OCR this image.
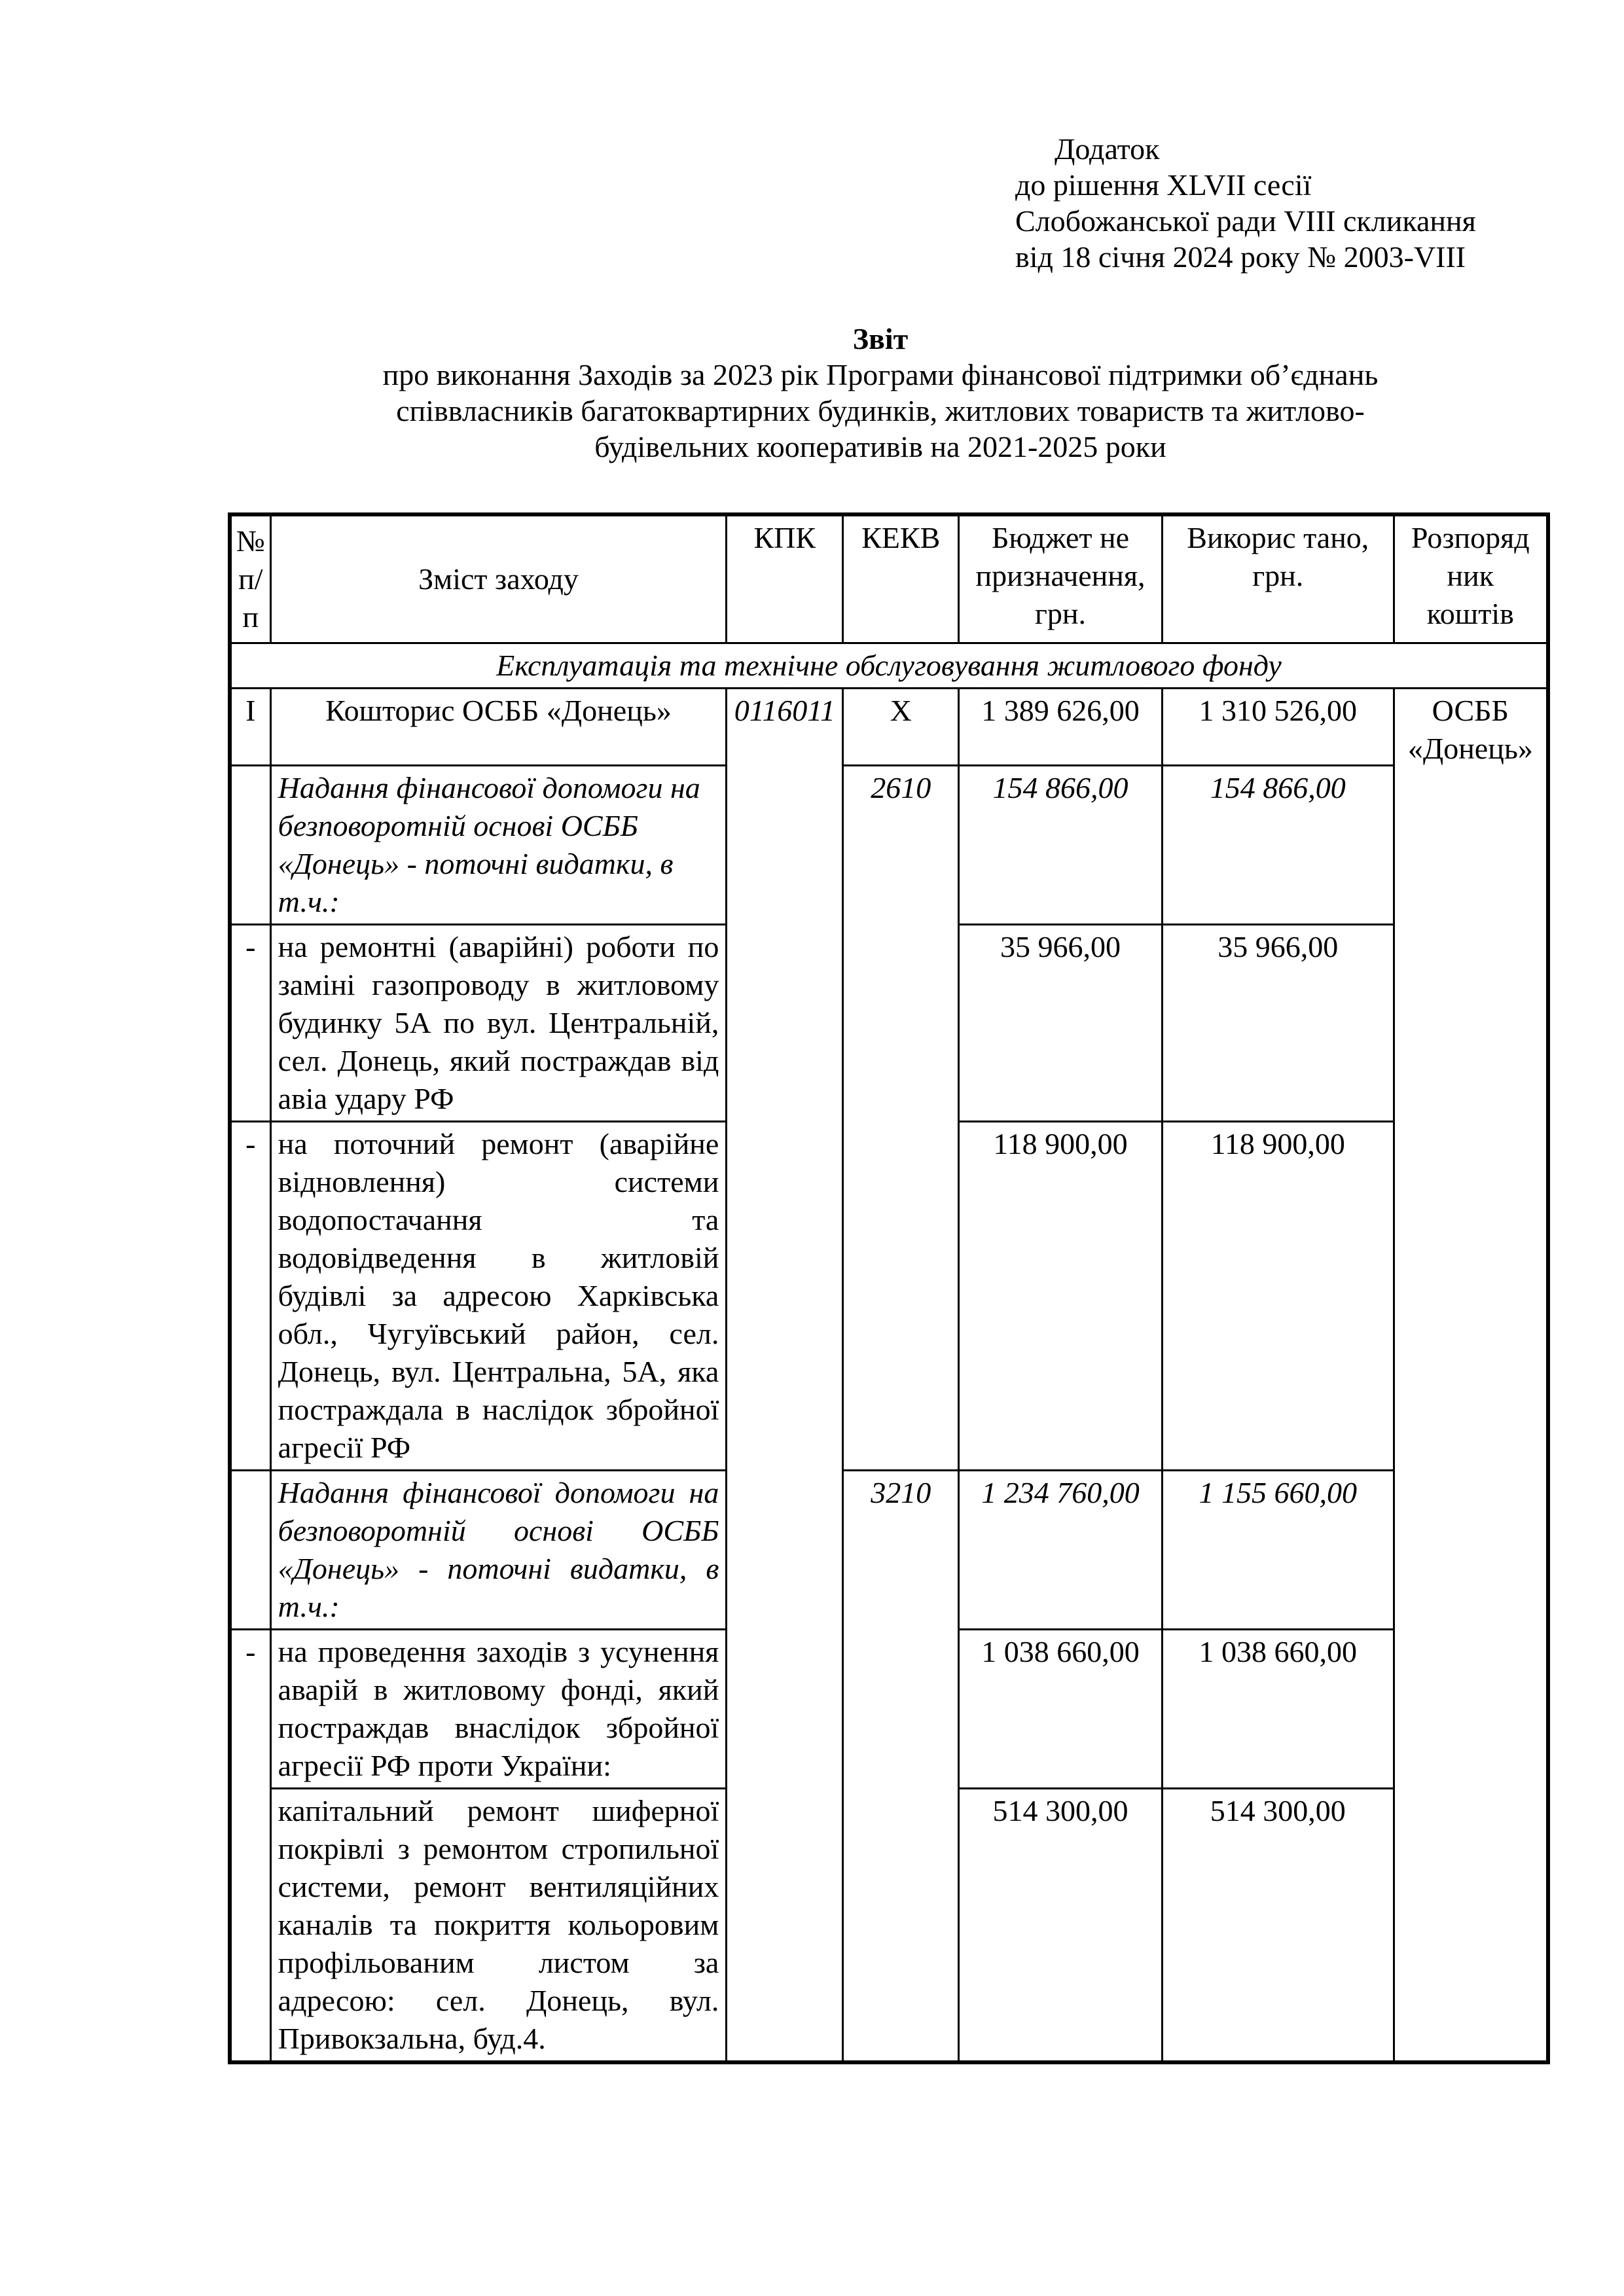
Додаток
до рішення XLVII сесії
Слобожанської ради VIII скликання
від 18 січня 2024 року № 2003-VIII
Звіт
про виконання Заходів за 2023 рік Програми фінансової підтримки об’єднань
співвласників багатоквартирних будинків, житлових товариств та житлово-
будівельних кооперативів на 2021-2025 роки
№ п/п	Зміст заходу	КПК	КЕКВ	Бюджет не призначення, грн.	Викорис тано, грн.	Розпоряд ник коштів
Експлуатація та технічне обслуговування житлового фонду						
I	Кошторис ОСББ «Донець»	0116011	Х	1 389 626,00	1 310 526,00	ОСББ «Донець»
	Надання фінансової допомоги на безповоротній основі ОСББ «Донець» - поточні видатки, в т.ч.:		2610	154 866,00	154 866,00	
-	на ремонтні (аварійні) роботи по заміні газопроводу в житловому будинку 5А по вул. Центральній, сел. Донець, який постраждав від авіа удару РФ			35 966,00	35 966,00	
-	на поточний ремонт (аварійне відновлення) системи водопостачання та водовідведення в житловій будівлі за адресою Харківська обл., Чугуївський район, сел. Донець, вул. Центральна, 5А, яка постраждала в наслідок збройної агресії РФ			118 900,00	118 900,00	
	Надання фінансової допомоги на безповоротній основі ОСББ «Донець» - поточні видатки, в т.ч.:		3210	1 234 760,00	1 155 660,00	
-	на проведення заходів з усунення аварій в житловому фонді, який постраждав внаслідок збройної агресії РФ проти України:			1 038 660,00	1 038 660,00	
	капітальний ремонт шиферної покрівлі з ремонтом стропильної системи, ремонт вентиляційних каналів та покриття кольоровим профільованим листом за адресою: сел. Донець, вул. Привокзальна, буд.4.			514 300,00	514 300,00	
